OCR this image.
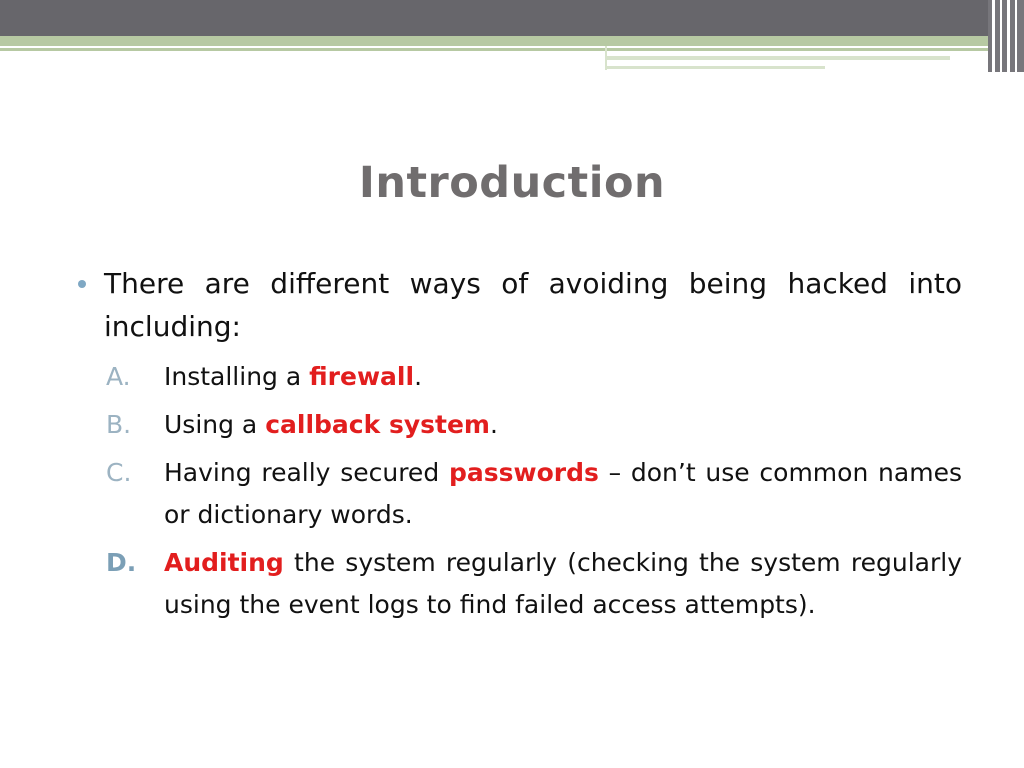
Introduction
There are different ways of avoiding being hacked into including:
A. Installing a firewall.
B. Using a callback system.
C. Having really secured passwords – don’t use common names or dictionary words.
D. Auditing the system regularly (checking the system regularly using the event logs to find failed access attempts).
